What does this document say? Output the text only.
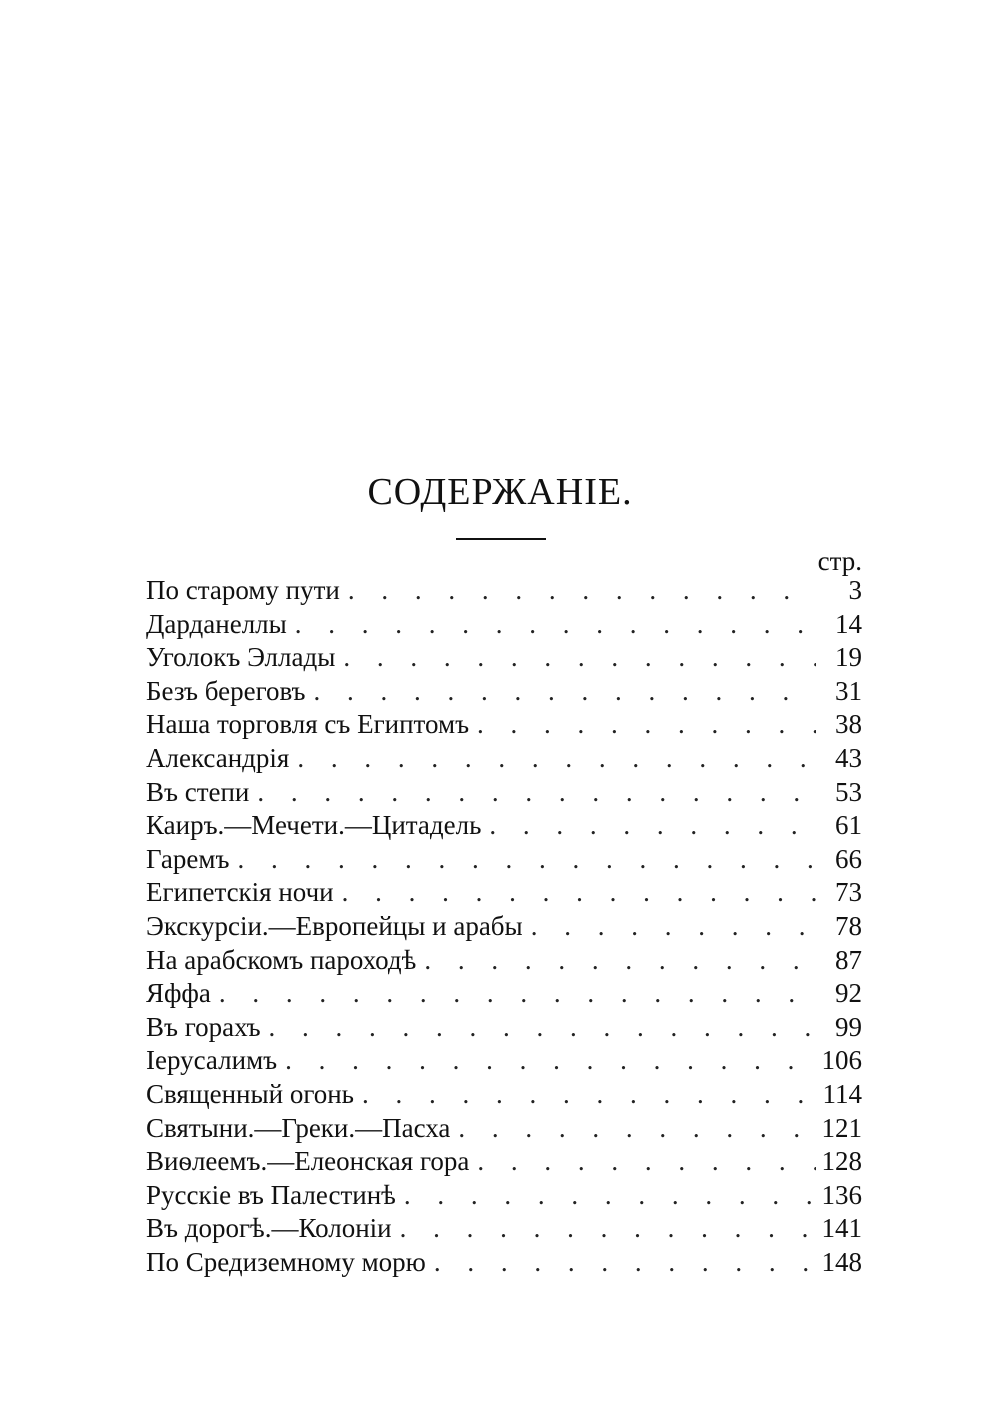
СОДЕРЖАНIЕ.
стр.
По старому пути . . .	3
Дарданеллы . . .	14
Уголокъ Эллады . . .	19
Безъ береговъ . . .	31
Наша торговля съ Египтомъ . . .	38
Александрiя . . .	43
Въ степи . . .	53
Каиръ.—Мечети.—Цитадель . . .	61
Гаремъ . . .	66
Египетскiя ночи . . .	73
Экскурсiи.—Европейцы и арабы . . .	78
На арабскомъ пароходѣ . . .	87
Яффа . . .	92
Въ горахъ . . .	99
Iерусалимъ . . .	106
Священный огонь . . .	114
Святыни.—Греки.—Пасха . . .	121
Виѳлеемъ.—Елеонская гора . . .	128
Русскiе въ Палестинѣ . . .	136
Въ дорогѣ.—Колонiи . . .	141
По Средиземному морю . . .	148
